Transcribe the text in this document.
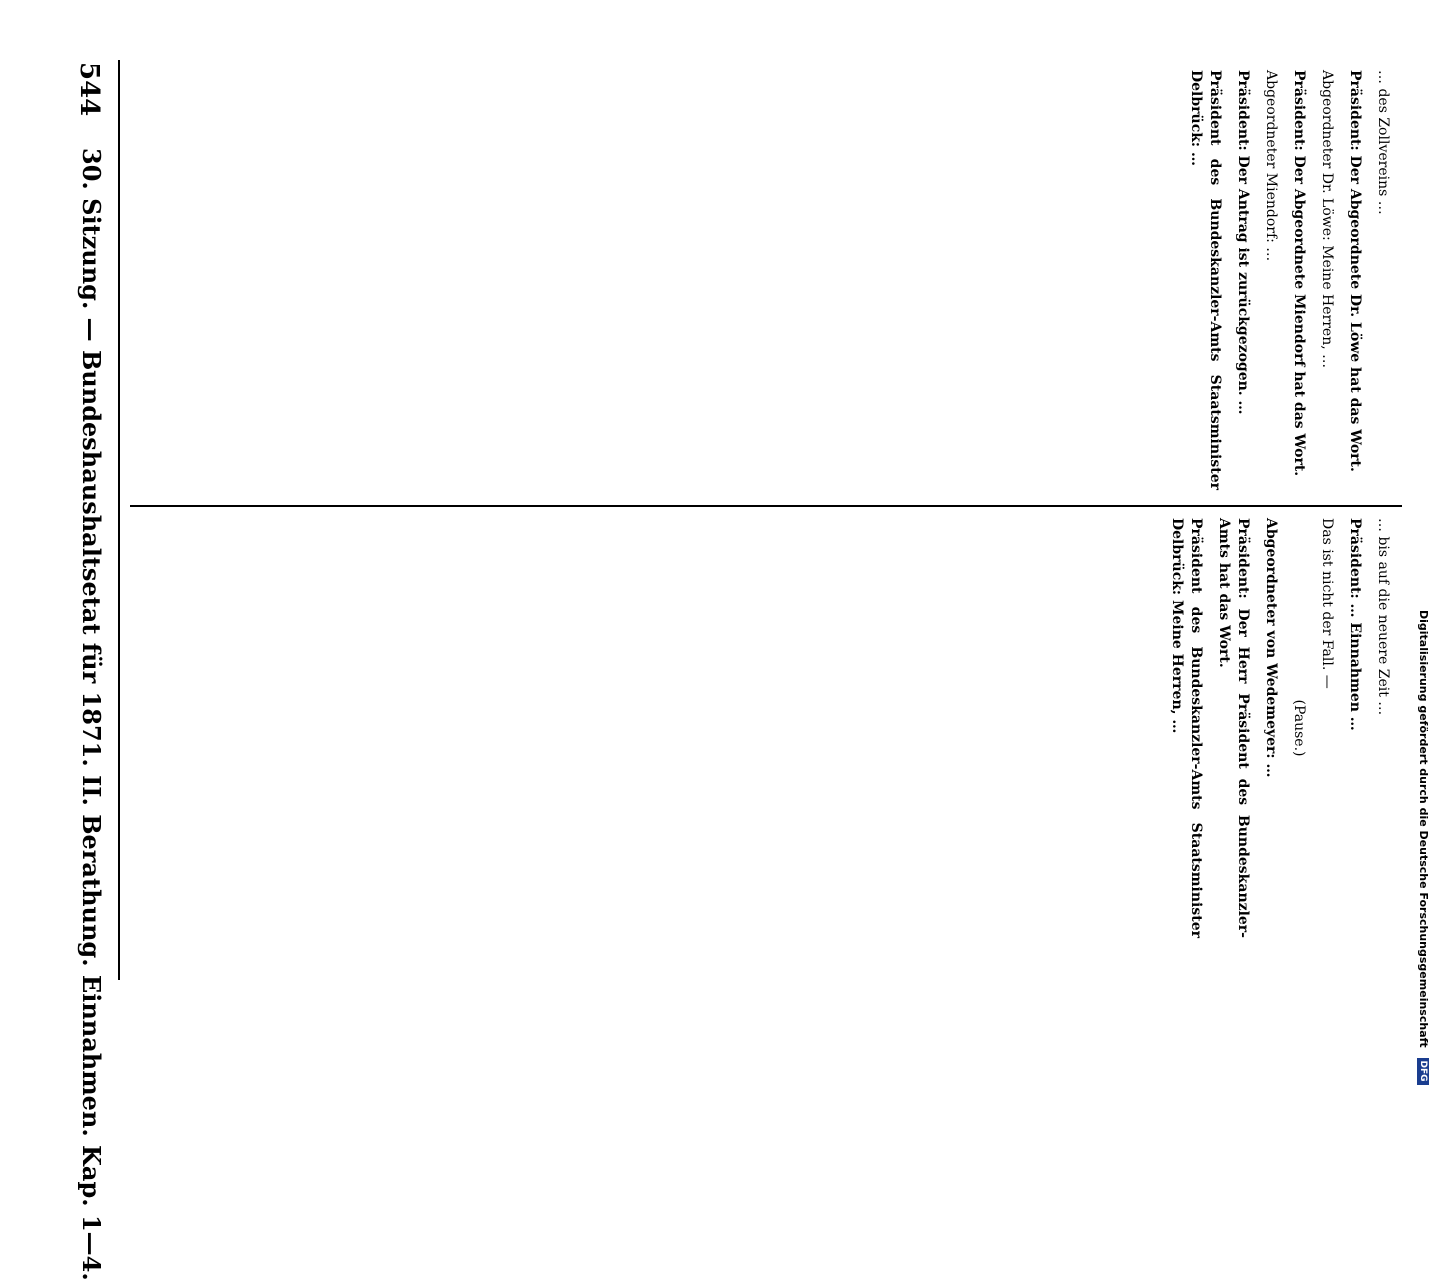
544
30. Sitzung. — Bundeshaushaltsetat für 1871. II. Berathung. Einnahmen. Kap. 1—4.

… des Zollvereins …

Präsident: Der Abgeordnete Dr. Löwe hat das Wort.

Abgeordneter Dr. Löwe: Meine Herren, …

Präsident: Der Abgeordnete Miendorf hat das Wort.

Abgeordneter Miendorf: …

Präsident: Der Antrag ist zurückgezogen. …

Präsident des Bundeskanzler-Amts Staatsminister Delbrück: …

… bis auf die neuere Zeit …

Präsident: … Einnahmen …

Das ist nicht der Fall. —

(Pause.)

Abgeordneter von Wedemeyer: …

Präsident: Der Herr Präsident des Bundeskanzler-Amts hat das Wort.

Präsident des Bundeskanzler-Amts Staatsminister Delbrück: Meine Herren, …	Digitalisierung gefördert durch die Deutsche Forschungsgemeinschaft DFG
